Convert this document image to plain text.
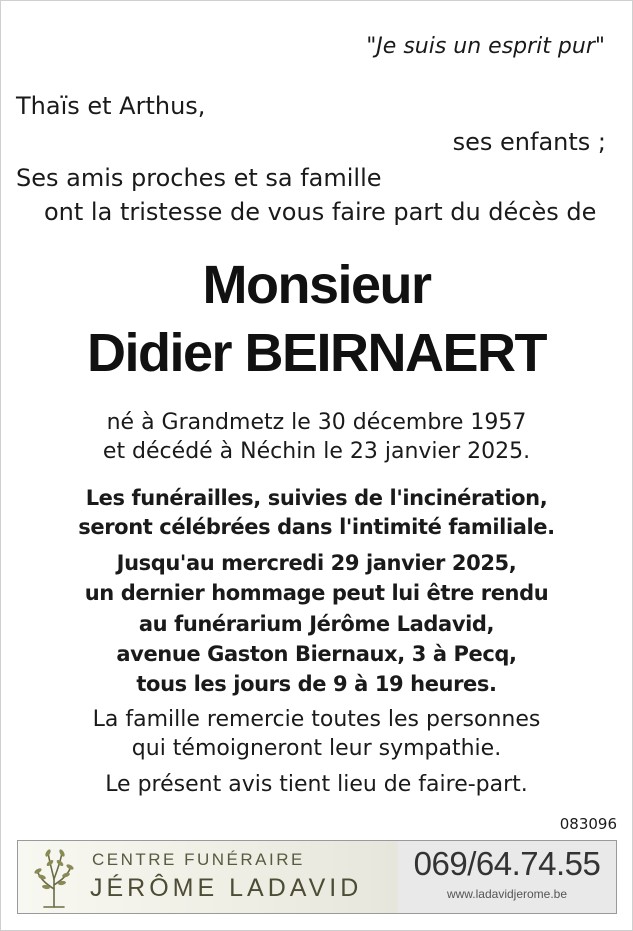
"Je suis un esprit pur"
Thaïs et Arthus,
ses enfants ;
Ses amis proches et sa famille
ont la tristesse de vous faire part du décès de
Monsieur
Didier BEIRNAERT
né à Grandmetz le 30 décembre 1957
et décédé à Néchin le 23 janvier 2025.
Les funérailles, suivies de l'incinération,
seront célébrées dans l'intimité familiale.
Jusqu'au mercredi 29 janvier 2025,
un dernier hommage peut lui être rendu
au funérarium Jérôme Ladavid,
avenue Gaston Biernaux, 3 à Pecq,
tous les jours de 9 à 19 heures.
La famille remercie toutes les personnes
qui témoigneront leur sympathie.
Le présent avis tient lieu de faire-part.
083096
CENTRE FUNÉRAIRE
JÉRÔME LADAVID
069/64.74.55
www.ladavidjerome.be
